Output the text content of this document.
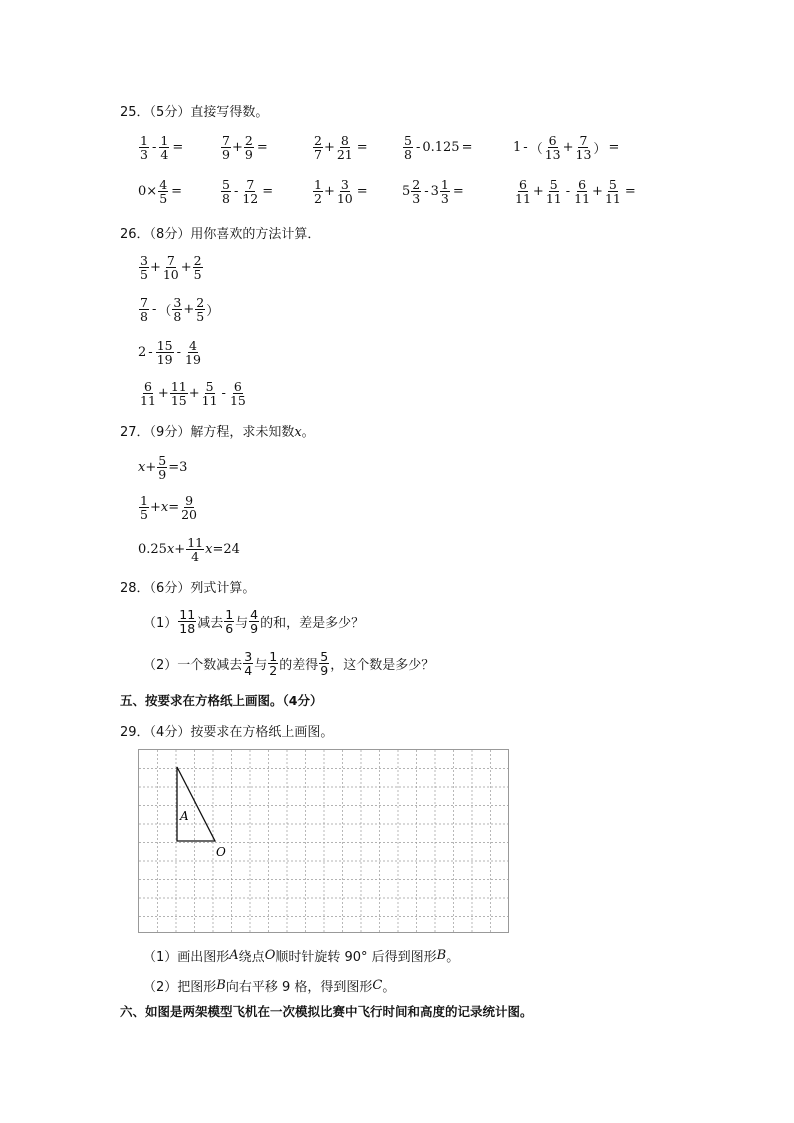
25．（5分）直接写得数。
$\frac{1}{3} - \frac{1}{4}$ =	$\frac{7}{9} + \frac{2}{9}$ =	$\frac{2}{7} + \frac{8}{21}$ =	$\frac{5}{8} - 0.125$ =	1 - （ $\frac{6}{13} + \frac{7}{13}$ ） =
$0 \times \frac{4}{5}$ =	$\frac{5}{8} - \frac{7}{12}$ =	$\frac{1}{2} + \frac{3}{10}$ =	$5 \frac{2}{3} - 3 \frac{1}{3}$ =	$\frac{6}{11} + \frac{5}{11} - \frac{6}{11} + \frac{5}{11}$ =
26．（8分）用你喜欢的方法计算．
$\frac{3}{5} + \frac{7}{10} + \frac{2}{5}$
$\frac{7}{8}$ - （ $\frac{3}{8} + \frac{2}{5}$ ）
$2 - \frac{15}{19} - \frac{4}{19}$
$\frac{6}{11} + \frac{11}{15} + \frac{5}{11} - \frac{6}{15}$
27．（9分）解方程，求未知数x。
$x + \frac{5}{9} = 3$
$\frac{1}{5} + x = \frac{9}{20}$
0.25 $x + \frac{11}{4}$ x = 24
28．（6分）列式计算。
$(1) \frac{11}{18}$ 减去 $\frac{1}{6}$ 与 $\frac{4}{9}$ 的和，差是多少？
（2） 一个数减去 $\frac{3}{4}$ 与 $\frac{1}{2}$ 的差得 $\frac{5}{9}$ ，这个数是多少？
五、按要求在方格纸上画图。（4分）
29．（4分）按要求在方格纸上画图。
A
O
（1）画出图形 A 绕点 O 顺时针旋转 90° 后得到图形 B 。
（2）把图形 B 向右平移 9 格，得到图形 C 。
六、如图是两架模型飞机在一次模拟比赛中飞行时间和高度的记录统计图。
